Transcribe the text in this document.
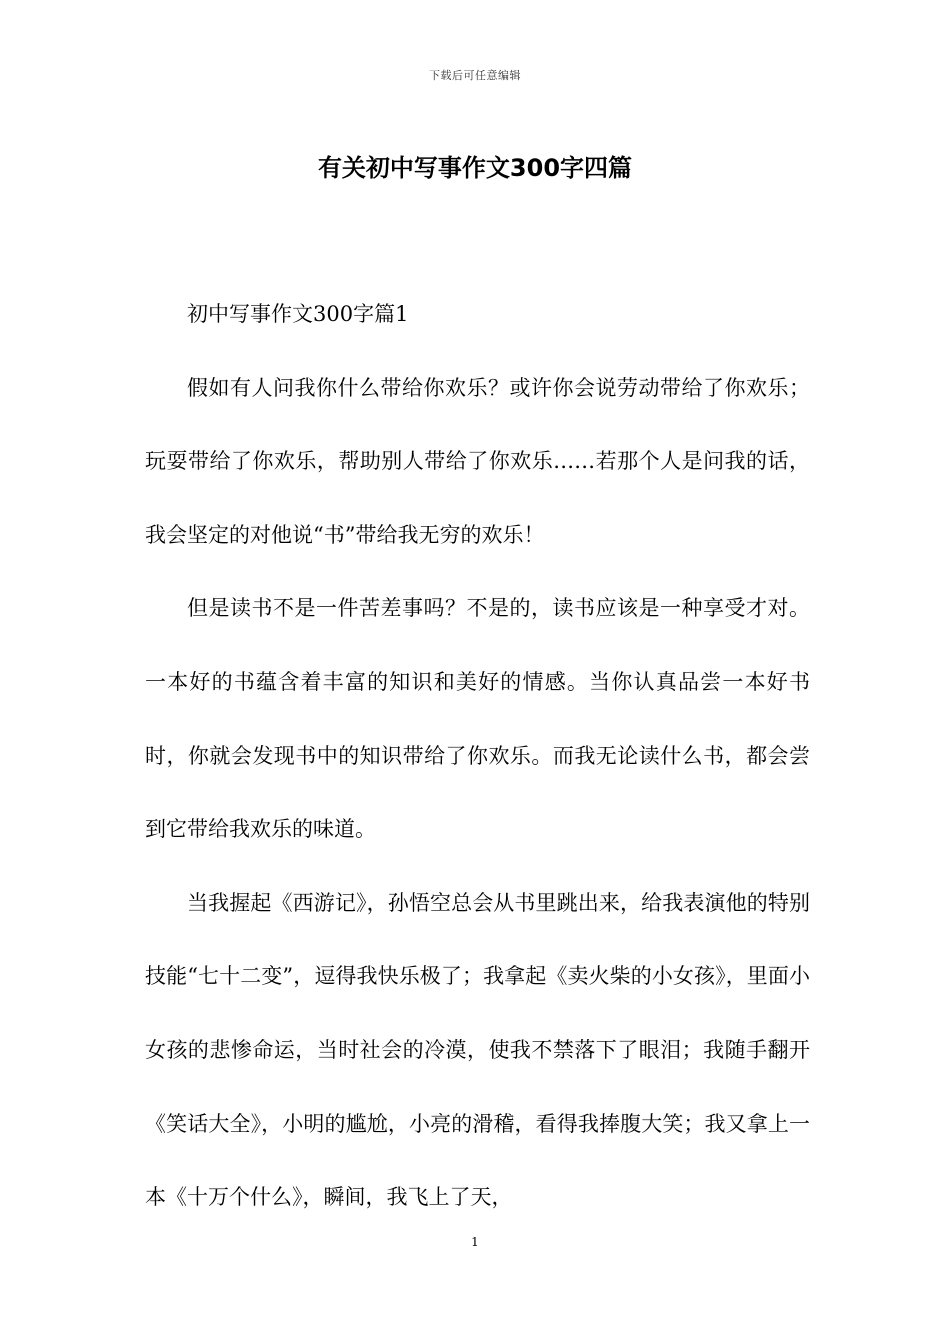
下载后可任意编辑
有关初中写事作文300字四篇

初中写事作文300字篇1

假如有人问我你什么带给你欢乐？或许你会说劳动带给了你欢乐；玩耍带给了你欢乐，帮助别人带给了你欢乐……若那个人是问我的话，我会坚定的对他说“书”带给我无穷的欢乐！

但是读书不是一件苦差事吗？不是的，读书应该是一种享受才对。一本好的书蕴含着丰富的知识和美好的情感。当你认真品尝一本好书时，你就会发现书中的知识带给了你欢乐。而我无论读什么书，都会尝到它带给我欢乐的味道。

当我握起《西游记》，孙悟空总会从书里跳出来，给我表演他的特别技能“七十二变”，逗得我快乐极了；我拿起《卖火柴的小女孩》，里面小女孩的悲惨命运，当时社会的冷漠，使我不禁落下了眼泪；我随手翻开《笑话大全》，小明的尴尬，小亮的滑稽，看得我捧腹大笑；我又拿上一本《十万个什么》，瞬间，我飞上了天，

1
